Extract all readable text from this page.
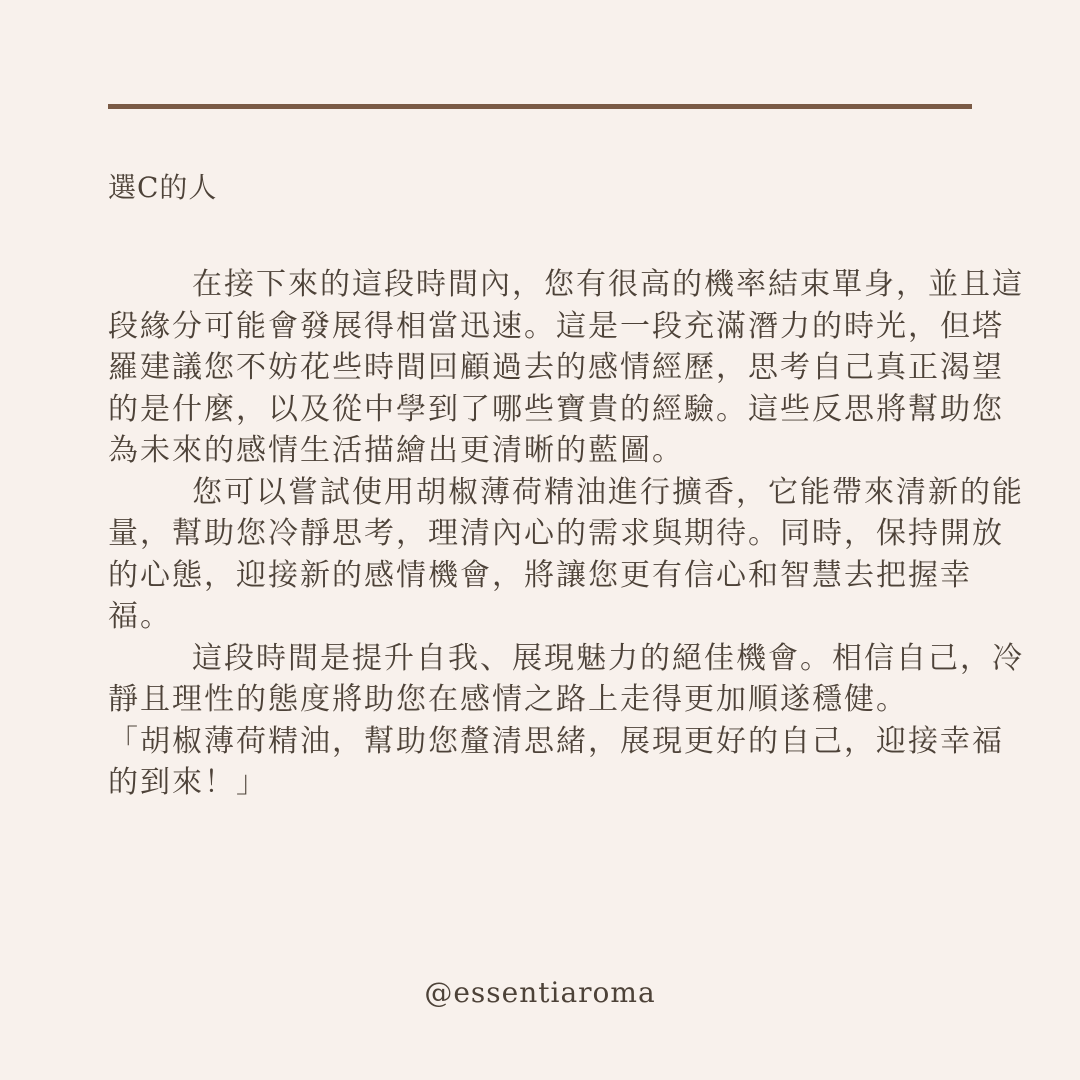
選C的人

在接下來的這段時間內，您有很高的機率結束單身，並且這段緣分可能會發展得相當迅速。這是一段充滿潛力的時光，但塔羅建議您不妨花些時間回顧過去的感情經歷，思考自己真正渴望的是什麼，以及從中學到了哪些寶貴的經驗。這些反思將幫助您為未來的感情生活描繪出更清晰的藍圖。

您可以嘗試使用胡椒薄荷精油進行擴香，它能帶來清新的能量，幫助您冷靜思考，理清內心的需求與期待。同時，保持開放的心態，迎接新的感情機會，將讓您更有信心和智慧去把握幸福。

這段時間是提升自我、展現魅力的絕佳機會。相信自己，冷靜且理性的態度將助您在感情之路上走得更加順遂穩健。

「胡椒薄荷精油，幫助您釐清思緒，展現更好的自己，迎接幸福的到來！」

@essentiaroma
